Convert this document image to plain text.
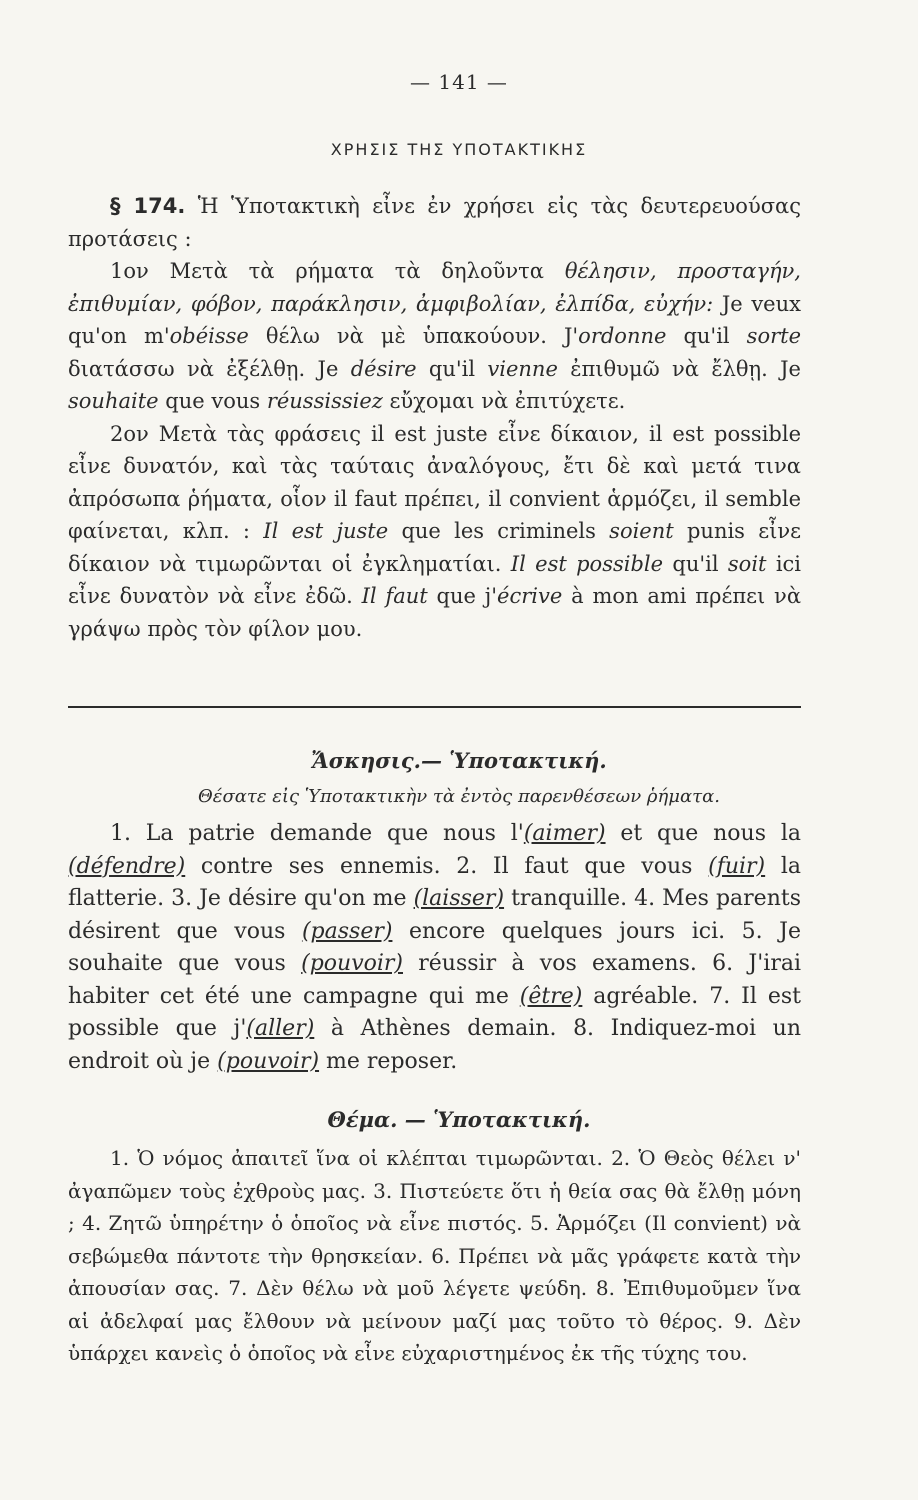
— 141 —
ΧΡΗΣΙΣ ΤΗΣ ΥΠΟΤΑΚΤΙΚΗΣ

§ 174. Ἡ Ὑποτακτικὴ εἶνε ἐν χρήσει εἰς τὰς δευτερευούσας προτάσεις :

1ον Μετὰ τὰ ρήματα τὰ δηλοῦντα θέλησιν, προσταγήν, ἐπιθυμίαν, φόβον, παράκλησιν, ἀμφιβολίαν, ἐλπίδα, εὐχήν: Je veux qu'on m'obéisse θέλω νὰ μὲ ὑπακούουν. J'ordonne qu'il sorte διατάσσω νὰ ἐξέλθῃ. Je désire qu'il vienne ἐπιθυμῶ νὰ ἔλθῃ. Je souhaite que vous réussissiez εὔχομαι νὰ ἐπιτύχετε.

2ον Μετὰ τὰς φράσεις il est juste εἶνε δίκαιον, il est possible εἶνε δυνατόν, καὶ τὰς ταύταις ἀναλόγους, ἔτι δὲ καὶ μετά τινα ἀπρόσωπα ῥήματα, οἷον il faut πρέπει, il convient ἁρμόζει, il semble φαίνεται, κλπ. : Il est juste que les criminels soient punis εἶνε δίκαιον νὰ τιμωρῶνται οἱ ἐγκληματίαι. Il est possible qu'il soit ici εἶνε δυνατὸν νὰ εἶνε ἐδῶ. Il faut que j'écrive à mon ami πρέπει νὰ γράψω πρὸς τὸν φίλον μου.

Ἄσκησις.— Ὑποτακτική.
Θέσατε εἰς Ὑποτακτικὴν τὰ ἐντὸς παρενθέσεων ῥήματα.

1. La patrie demande que nous l'(aimer) et que nous la (défendre) contre ses ennemis. 2. Il faut que vous (fuir) la flatterie. 3. Je désire qu'on me (laisser) tranquille. 4. Mes parents désirent que vous (passer) encore quelques jours ici. 5. Je souhaite que vous (pouvoir) réussir à vos examens. 6. J'irai habiter cet été une campagne qui me (être) agréable. 7. Il est possible que j'(aller) à Athènes demain. 8. Indiquez-moi un endroit où je (pouvoir) me reposer.

Θέμα. — Ὑποτακτική.

1. Ὁ νόμος ἀπαιτεῖ ἵνα οἱ κλέπται τιμωρῶνται. 2. Ὁ Θεὸς θέλει ν' ἀγαπῶμεν τοὺς ἐχθροὺς μας. 3. Πιστεύετε ὅτι ἡ θεία σας θὰ ἔλθῃ μόνη ; 4. Ζητῶ ὑπηρέτην ὁ ὁποῖος νὰ εἶνε πιστός. 5. Ἁρμόζει (Il convient) νὰ σεβώμεθα πάντοτε τὴν θρησκείαν. 6. Πρέπει νὰ μᾶς γράφετε κατὰ τὴν ἀπουσίαν σας. 7. Δὲν θέλω νὰ μοῦ λέγετε ψεύδη. 8. Ἐπιθυμοῦμεν ἵνα αἱ ἀδελφαί μας ἔλθουν νὰ μείνουν μαζί μας τοῦτο τὸ θέρος. 9. Δὲν ὑπάρχει κανεὶς ὁ ὁποῖος νὰ εἶνε εὐχαριστημένος ἐκ τῆς τύχης του.
